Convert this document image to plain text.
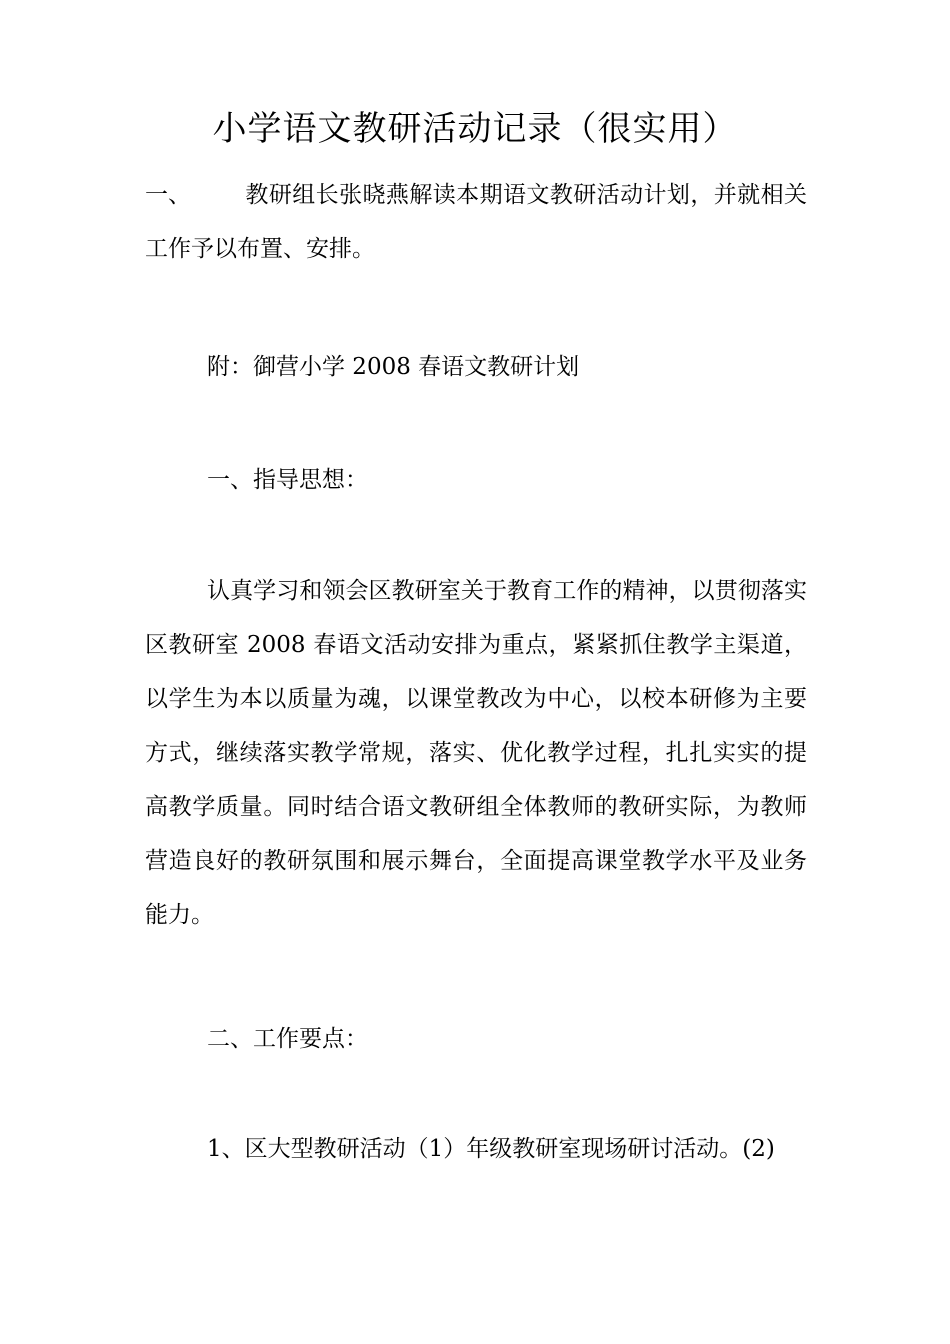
小学语文教研活动记录（很实用）

一、 教研组长张晓燕解读本期语文教研活动计划，并就相关工作予以布置、安排。

附：御营小学 2008 春语文教研计划

一、指导思想：

认真学习和领会区教研室关于教育工作的精神，以贯彻落实区教研室 2008 春语文活动安排为重点，紧紧抓住教学主渠道，以学生为本以质量为魂，以课堂教改为中心，以校本研修为主要方式，继续落实教学常规，落实、优化教学过程，扎扎实实的提高教学质量。同时结合语文教研组全体教师的教研实际，为教师营造良好的教研氛围和展示舞台，全面提高课堂教学水平及业务能力。

二、工作要点：

1、区大型教研活动（1）年级教研室现场研讨活动。(2)
